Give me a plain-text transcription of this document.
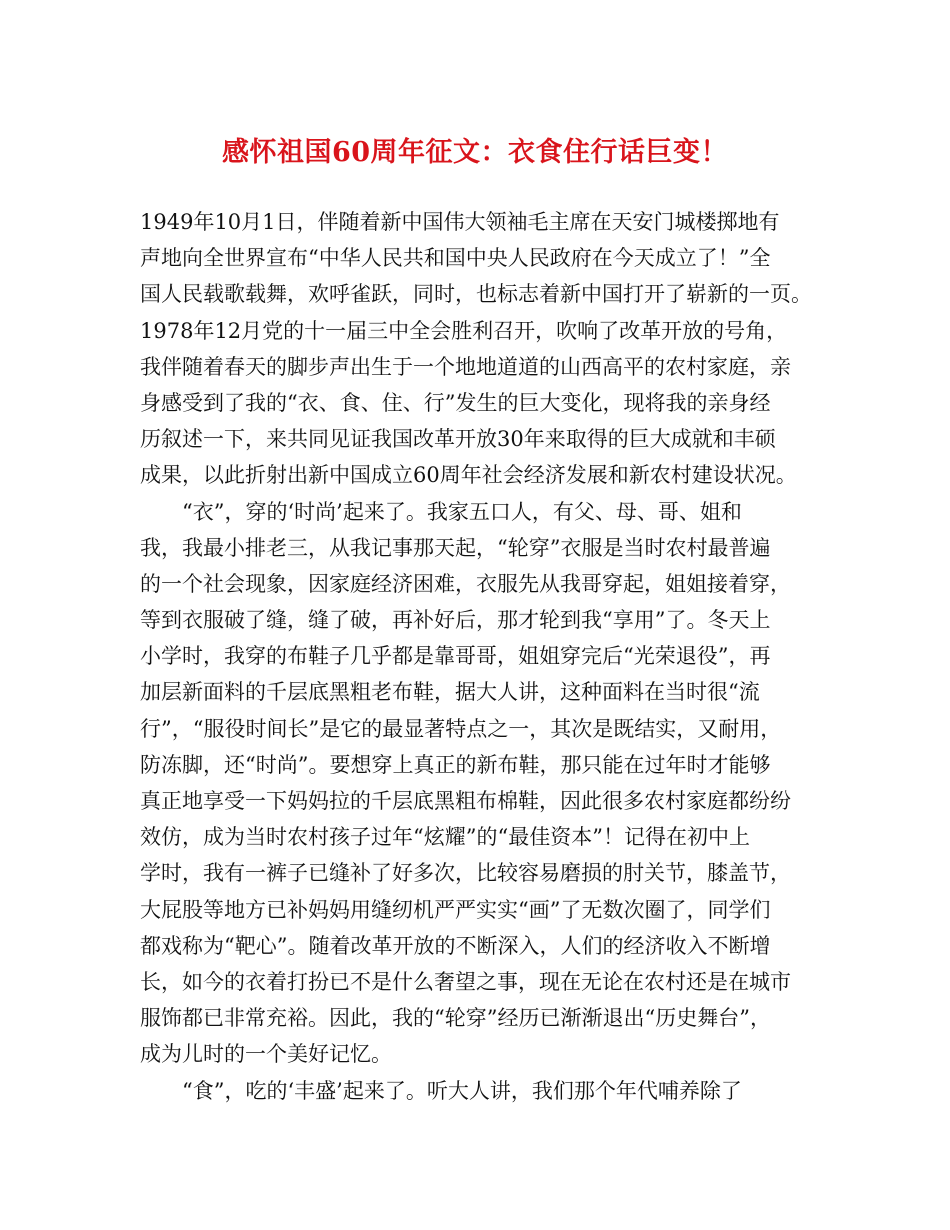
感怀祖国60周年征文：衣食住行话巨变！
1949年10月1日，伴随着新中国伟大领袖毛主席在天安门城楼掷地有
声地向全世界宣布“中华人民共和国中央人民政府在今天成立了！”全
国人民载歌载舞，欢呼雀跃，同时，也标志着新中国打开了崭新的一页。
1978年12月党的十一届三中全会胜利召开，吹响了改革开放的号角，
我伴随着春天的脚步声出生于一个地地道道的山西高平的农村家庭，亲
身感受到了我的“衣、食、住、行”发生的巨大变化，现将我的亲身经
历叙述一下，来共同见证我国改革开放30年来取得的巨大成就和丰硕
成果，以此折射出新中国成立60周年社会经济发展和新农村建设状况。
“衣”，穿的‘时尚’起来了。我家五口人，有父、母、哥、姐和
我，我最小排老三，从我记事那天起，“轮穿”衣服是当时农村最普遍
的一个社会现象，因家庭经济困难，衣服先从我哥穿起，姐姐接着穿，
等到衣服破了缝，缝了破，再补好后，那才轮到我“享用”了。冬天上
小学时，我穿的布鞋子几乎都是靠哥哥，姐姐穿完后“光荣退役”，再
加层新面料的千层底黑粗老布鞋，据大人讲，这种面料在当时很“流
行”，“服役时间长”是它的最显著特点之一，其次是既结实，又耐用，
防冻脚，还“时尚”。要想穿上真正的新布鞋，那只能在过年时才能够
真正地享受一下妈妈拉的千层底黑粗布棉鞋，因此很多农村家庭都纷纷
效仿，成为当时农村孩子过年“炫耀”的“最佳资本”！记得在初中上
学时，我有一裤子已缝补了好多次，比较容易磨损的肘关节，膝盖节，
大屁股等地方已补妈妈用缝纫机严严实实“画”了无数次圈了，同学们
都戏称为“靶心”。随着改革开放的不断深入，人们的经济收入不断增
长，如今的衣着打扮已不是什么奢望之事，现在无论在农村还是在城市
服饰都已非常充裕。因此，我的“轮穿”经历已渐渐退出“历史舞台”，
成为儿时的一个美好记忆。
“食”，吃的‘丰盛’起来了。听大人讲，我们那个年代哺养除了
